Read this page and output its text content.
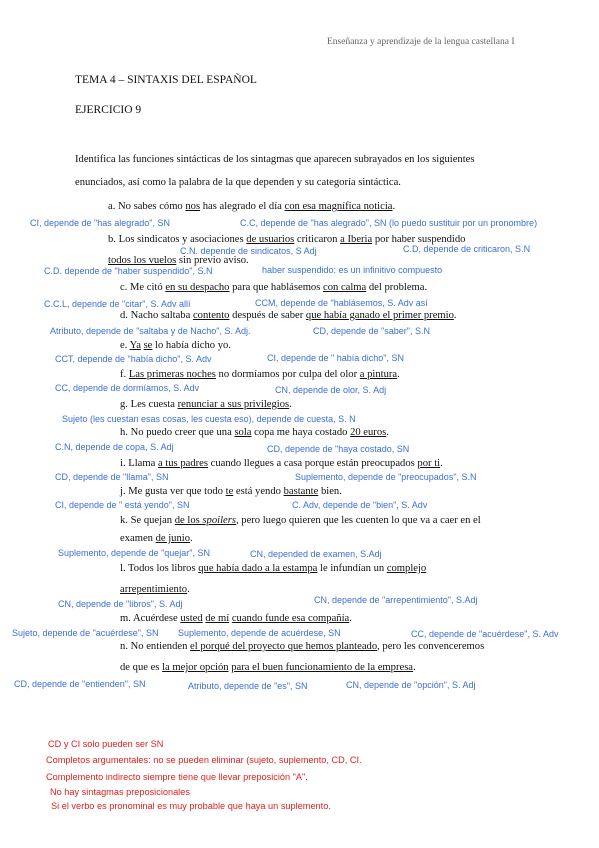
Enseñanza y aprendizaje de la lengua castellana I
TEMA 4 – SINTAXIS DEL ESPAÑOL
EJERCICIO 9
Identifica las funciones sintácticas de los sintagmas que aparecen subrayados en los siguientes
enunciados, así como la palabra de la que dependen y su categoría sintáctica.
a. No sabes cómo nos has alegrado el día con esa magnífica noticia.
CI, depende de "has alegrado", SN	C.C, depende de "has alegrado", SN (lo puedo sustituir por un pronombre)
b. Los sindicatos y asociaciones de usuarios criticaron a Iberia por haber suspendido
C.N. depende de sindicatos, S Adj	C.D, depende de criticaron, S.N
todos los vuelos sin previo aviso.
C.D. depende de "haber suspendido", S.N	haber suspendido: es un infinitivo compuesto
c. Me citó en su despacho para que hablásemos con calma del problema.
C.C.L, depende de "citar", S. Adv allí	CCM, depende de "hablásemos, S. Adv así
d. Nacho saltaba contento después de saber que había ganado el primer premio.
Atributo, depende de "saltaba y de Nacho", S. Adj.	CD, depende de "saber", S.N
e. Ya se lo había dicho yo.
CCT, depende de "había dicho", S. Adv	CI, depende de " había dicho", SN
f. Las primeras noches no dormíamos por culpa del olor a pintura.
CC, depende de dormíamos, S. Adv	CN, depende de olor, S. Adj
g. Les cuesta renunciar a sus privilegios.
Sujeto (les cuestan esas cosas, les cuesta eso), depende de cuesta, S. N
h. No puedo creer que una sola copa me haya costado 20 euros.
C.N, depende de copa, S. Adj	CD, depende de "haya costado, SN
i. Llama a tus padres cuando llegues a casa porque están preocupados por ti.
CD, depende de "llama", SN	Suplemento, depende de "preocupados", S.N
j. Me gusta ver que todo te está yendo bastante bien.
CI, depende de " está yendo", SN	C. Adv, depende de "bien", S. Adv
k. Se quejan de los spoilers, pero luego quieren que les cuenten lo que va a caer en el
examen de junio.
Suplemento, depende de "quejar", SN	CN, depended de examen, S.Adj
l. Todos los libros que había dado a la estampa le infundían un complejo
arrepentimiento.
CN, depende de "libros", S. Adj	CN, depende de "arrepentimiento", S.Adj
m. Acuérdese usted de mí cuando funde esa compañía.
Sujeto, depende de "acuérdese", SN Suplemento, depende de acuérdese, SN	CC, depende de "acuérdese", S. Adv
n. No entienden el porqué del proyecto que hemos planteado, pero les convenceremos
de que es la mejor opción para el buen funcionamiento de la empresa.
CD, depende de "entienden", SN	Atributo, depende de "es", SN	CN, depende de "opción", S. Adj
CD y CI solo pueden ser SN
Completos argumentales: no se pueden eliminar (sujeto, suplemento, CD, CI.
Complemento indirecto siempre tiene que llevar preposición "A".
No hay sintagmas preposicionales
Si el verbo es pronominal es muy probable que haya un suplemento.
